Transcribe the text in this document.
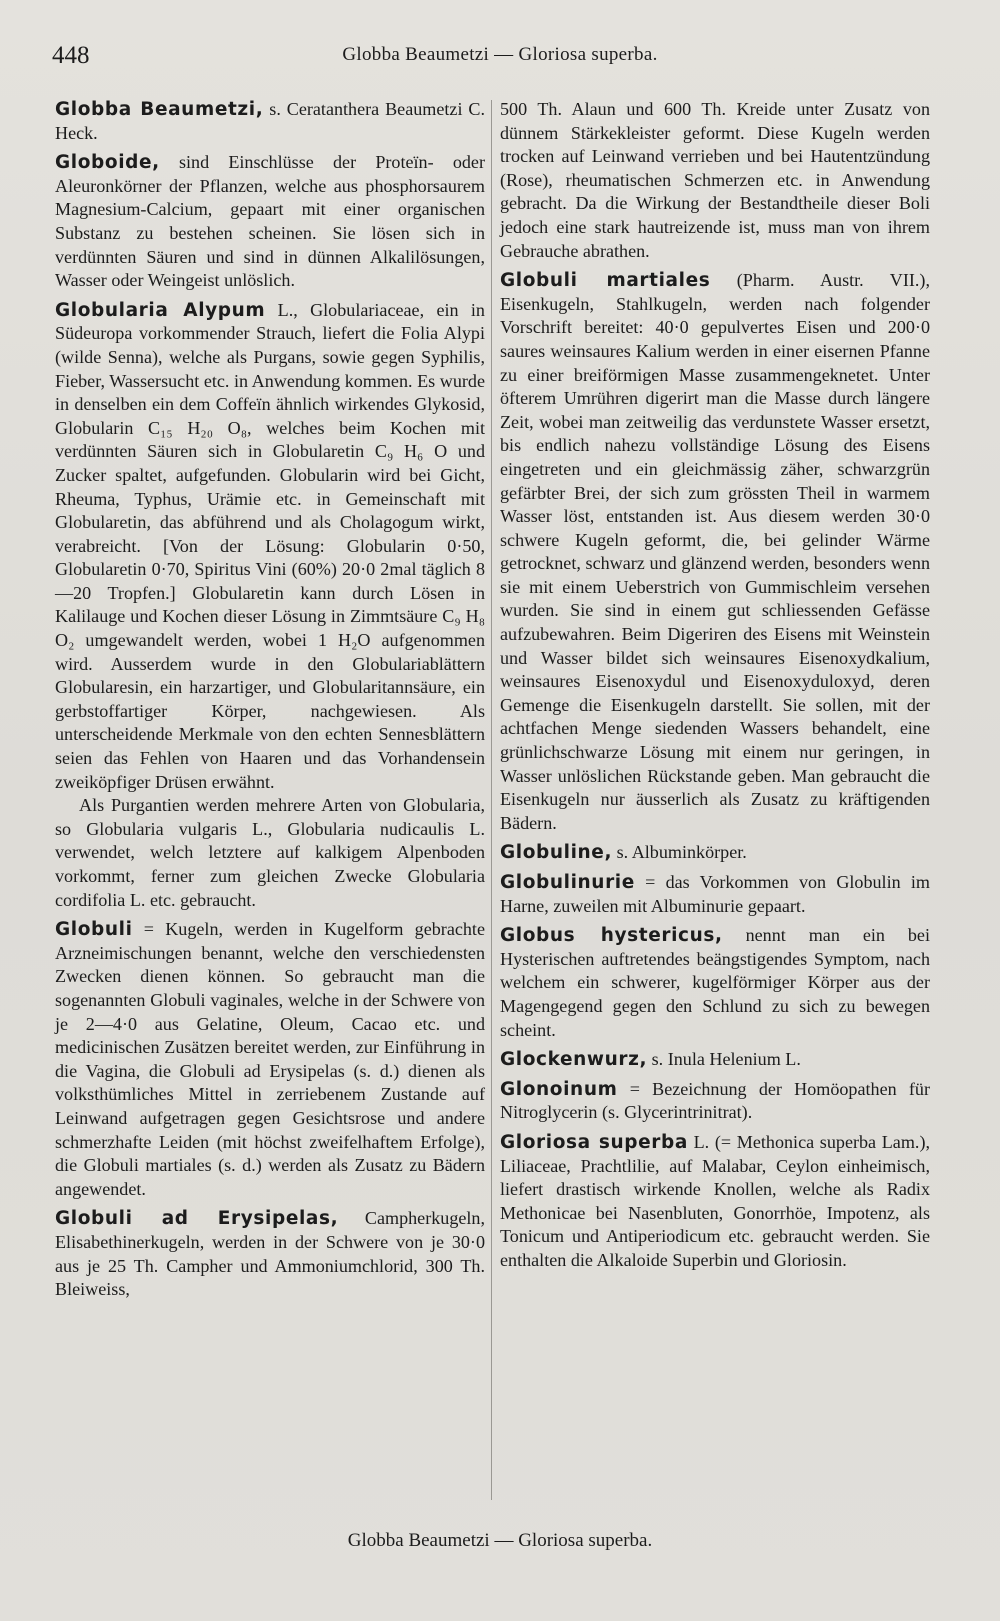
448	Globba Beaumetzi — Gloriosa superba.

Globba Beaumetzi, s. Ceratanthera Beaumetzi C. Heck.

Globoide, sind Einschlüsse der Proteïn- oder Aleuronkörner der Pflanzen, welche aus phosphorsaurem Magnesium-Calcium, gepaart mit einer organischen Substanz zu bestehen scheinen. Sie lösen sich in verdünnten Säuren und sind in dünnen Alkalilösungen, Wasser oder Weingeist unlöslich.

Globularia Alypum L., Globulariaceae, ein in Südeuropa vorkommender Strauch, liefert die Folia Alypi (wilde Senna), welche als Purgans, sowie gegen Syphilis, Fieber, Wassersucht etc. in Anwendung kommen. Es wurde in denselben ein dem Coffeïn ähnlich wirkendes Glykosid, Globularin C₁₅ H₂₀ O₈, welches beim Kochen mit verdünnten Säuren sich in Globularetin C₉ H₆ O und Zucker spaltet, aufgefunden. Globularin wird bei Gicht, Rheuma, Typhus, Urämie etc. in Gemeinschaft mit Globularetin, das abführend und als Cholagogum wirkt, verabreicht. [Von der Lösung: Globularin 0·50, Globularetin 0·70, Spiritus Vini (60%) 20·0 2mal täglich 8—20 Tropfen.] Globularetin kann durch Lösen in Kalilauge und Kochen dieser Lösung in Zimmtsäure C₉ H₈ O₂ umgewandelt werden, wobei 1 H₂O aufgenommen wird. Ausserdem wurde in den Globulariablättern Globularesin, ein harzartiger, und Globularitannsäure, ein gerbstoffartiger Körper, nachgewiesen. Als unterscheidende Merkmale von den echten Sennesblättern seien das Fehlen von Haaren und das Vorhandensein zweiköpfiger Drüsen erwähnt.

Als Purgantien werden mehrere Arten von Globularia, so Globularia vulgaris L., Globularia nudicaulis L. verwendet, welch letztere auf kalkigem Alpenboden vorkommt, ferner zum gleichen Zwecke Globularia cordifolia L. etc. gebraucht.

Globuli = Kugeln, werden in Kugelform gebrachte Arzneimischungen benannt, welche den verschiedensten Zwecken dienen können. So gebraucht man die sogenannten Globuli vaginales, welche in der Schwere von je 2—4·0 aus Gelatine, Oleum, Cacao etc. und medicinischen Zusätzen bereitet werden, zur Einführung in die Vagina, die Globuli ad Erysipelas (s. d.) dienen als volksthümliches Mittel in zerriebenem Zustande auf Leinwand aufgetragen gegen Gesichtsrose und andere schmerzhafte Leiden (mit höchst zweifelhaftem Erfolge), die Globuli martiales (s. d.) werden als Zusatz zu Bädern angewendet.

Globuli ad Erysipelas, Campherkugeln, Elisabethinerkugeln, werden in der Schwere von je 30·0 aus je 25 Th. Campher und Ammoniumchlorid, 300 Th. Bleiweiss,

500 Th. Alaun und 600 Th. Kreide unter Zusatz von dünnem Stärkekleister geformt. Diese Kugeln werden trocken auf Leinwand verrieben und bei Hautentzündung (Rose), rheumatischen Schmerzen etc. in Anwendung gebracht. Da die Wirkung der Bestandtheile dieser Boli jedoch eine stark hautreizende ist, muss man von ihrem Gebrauche abrathen.

Globuli martiales (Pharm. Austr. VII.), Eisenkugeln, Stahlkugeln, werden nach folgender Vorschrift bereitet: 40·0 gepulvertes Eisen und 200·0 saures weinsaures Kalium werden in einer eisernen Pfanne zu einer breiförmigen Masse zusammengeknetet. Unter öfterem Umrühren digerirt man die Masse durch längere Zeit, wobei man zeitweilig das verdunstete Wasser ersetzt, bis endlich nahezu vollständige Lösung des Eisens eingetreten und ein gleichmässig zäher, schwarzgrün gefärbter Brei, der sich zum grössten Theil in warmem Wasser löst, entstanden ist. Aus diesem werden 30·0 schwere Kugeln geformt, die, bei gelinder Wärme getrocknet, schwarz und glänzend werden, besonders wenn sie mit einem Ueberstrich von Gummischleim versehen wurden. Sie sind in einem gut schliessenden Gefässe aufzubewahren. Beim Digeriren des Eisens mit Weinstein und Wasser bildet sich weinsaures Eisenoxydkalium, weinsaures Eisenoxydul und Eisenoxyduloxyd, deren Gemenge die Eisenkugeln darstellt. Sie sollen, mit der achtfachen Menge siedenden Wassers behandelt, eine grünlichschwarze Lösung mit einem nur geringen, in Wasser unlöslichen Rückstande geben. Man gebraucht die Eisenkugeln nur äusserlich als Zusatz zu kräftigenden Bädern.

Globuline, s. Albuminkörper.

Globulinurie = das Vorkommen von Globulin im Harne, zuweilen mit Albuminurie gepaart.

Globus hystericus, nennt man ein bei Hysterischen auftretendes beängstigendes Symptom, nach welchem ein schwerer, kugelförmiger Körper aus der Magengegend gegen den Schlund zu sich zu bewegen scheint.

Glockenwurz, s. Inula Helenium L.

Glonoinum = Bezeichnung der Homöopathen für Nitroglycerin (s. Glycerintrinitrat).

Gloriosa superba L. (= Methonica superba Lam.), Liliaceae, Prachtlilie, auf Malabar, Ceylon einheimisch, liefert drastisch wirkende Knollen, welche als Radix Methonicae bei Nasenbluten, Gonorrhöe, Impotenz, als Tonicum und Antiperiodicum etc. gebraucht werden. Sie enthalten die Alkaloide Superbin und Gloriosin.

Globba Beaumetzi — Gloriosa superba.
